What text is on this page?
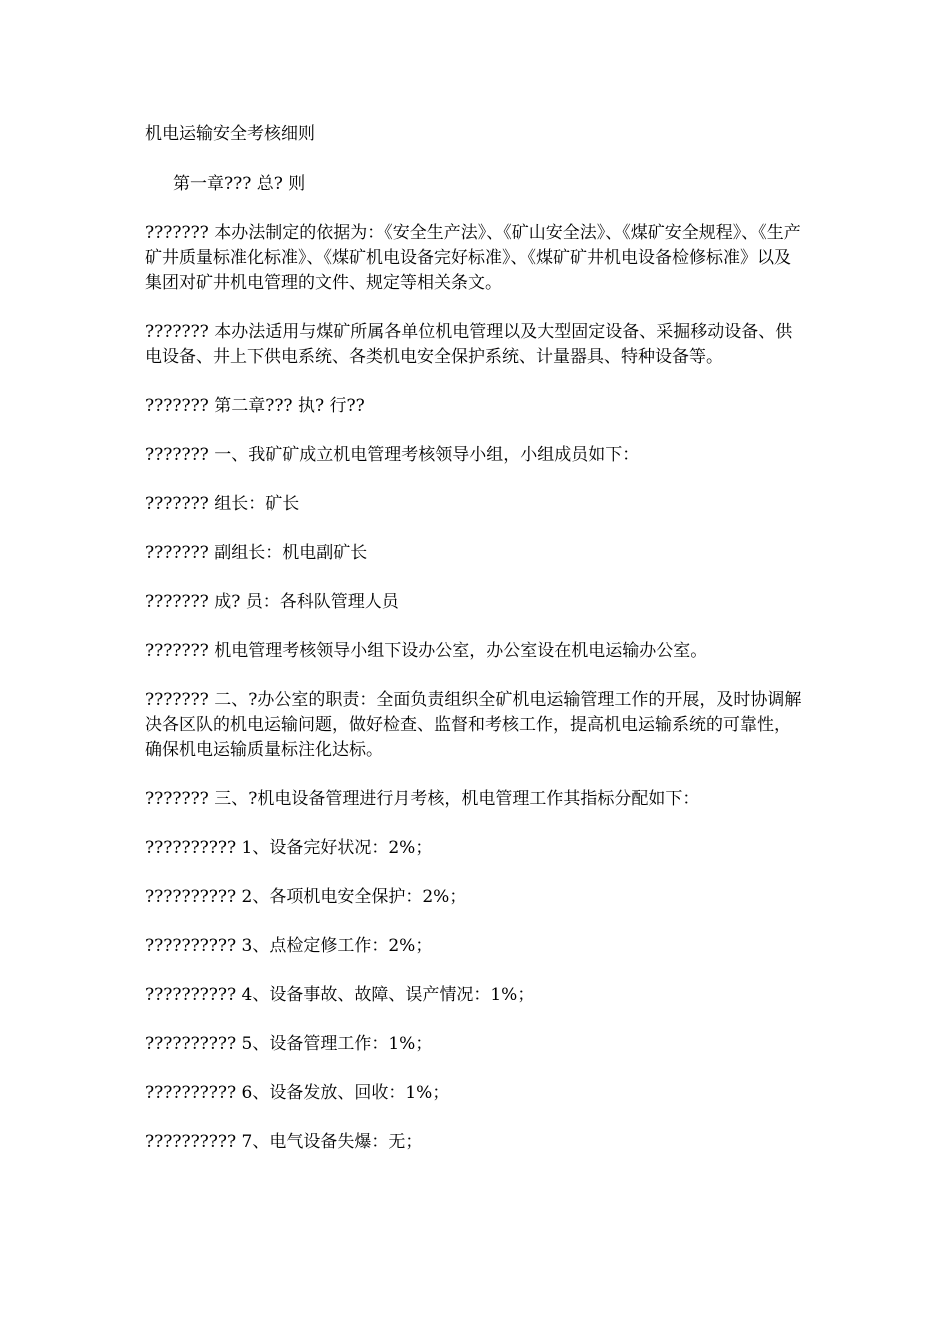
机电运输安全考核细则

第一章??? 总? 则

??????? 本办法制定的依据为：《安全生产法》、《矿山安全法》、《煤矿安全规程》、《生产矿井质量标准化标准》、《煤矿机电设备完好标准》、《煤矿矿井机电设备检修标准》以及集团对矿井机电管理的文件、规定等相关条文。

??????? 本办法适用与煤矿所属各单位机电管理以及大型固定设备、采掘移动设备、供电设备、井上下供电系统、各类机电安全保护系统、计量器具、特种设备等。

??????? 第二章??? 执? 行??

??????? 一、我矿矿成立机电管理考核领导小组，小组成员如下：

??????? 组长：矿长

??????? 副组长：机电副矿长

??????? 成? 员：各科队管理人员

??????? 机电管理考核领导小组下设办公室，办公室设在机电运输办公室。

??????? 二、?办公室的职责：全面负责组织全矿机电运输管理工作的开展，及时协调解决各区队的机电运输问题，做好检查、监督和考核工作，提高机电运输系统的可靠性，确保机电运输质量标注化达标。

??????? 三、?机电设备管理进行月考核，机电管理工作其指标分配如下：

?????????? 1、设备完好状况：2%；

?????????? 2、各项机电安全保护：2%；

?????????? 3、点检定修工作：2%；

?????????? 4、设备事故、故障、误产情况：1%；

?????????? 5、设备管理工作：1%；

?????????? 6、设备发放、回收：1%；

?????????? 7、电气设备失爆：无；
